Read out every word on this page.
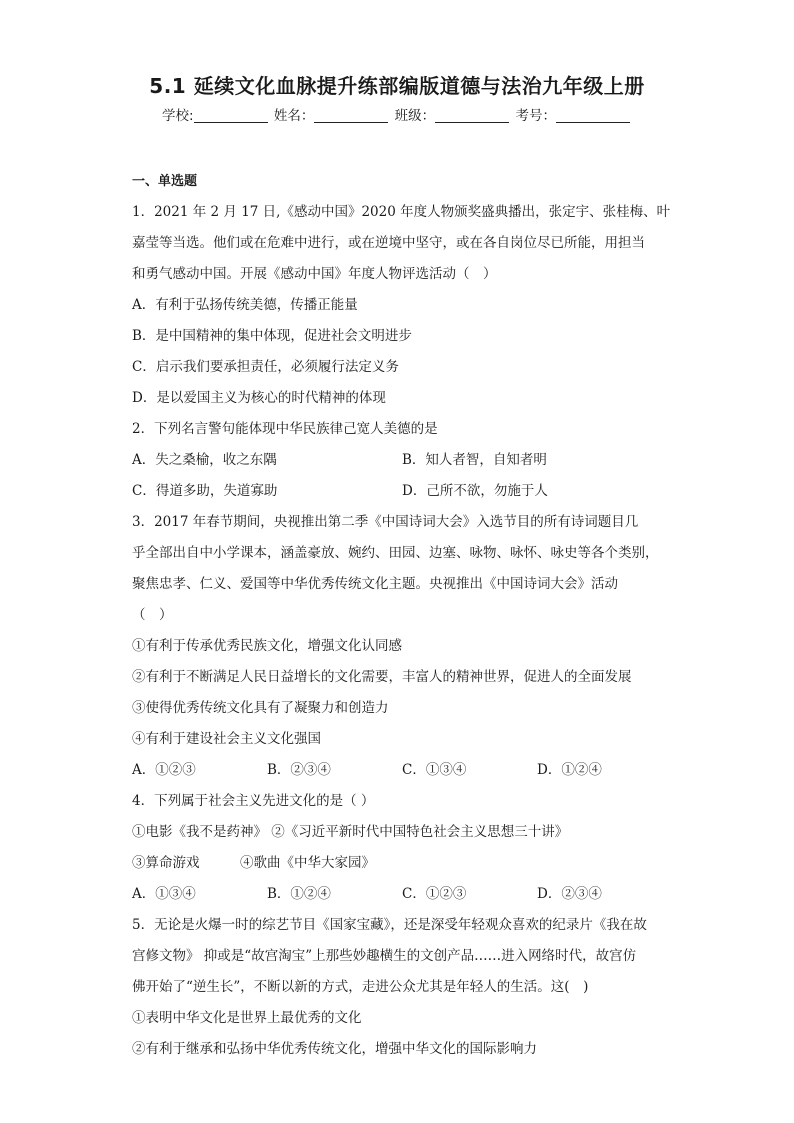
5.1 延续文化血脉提升练部编版道德与法治九年级上册
学校:	姓名：	班级：	考号：
一、单选题
1．2021 年 2 月 17 日,《感动中国》2020 年度人物颁奖盛典播出，张定宇、张桂梅、叶
嘉莹等当选。他们或在危难中进行，或在逆境中坚守，或在各自岗位尽已所能，用担当
和勇气感动中国。开展《感动中国》年度人物评选活动（　）
A．有利于弘扬传统美德，传播正能量
B．是中国精神的集中体现，促进社会文明进步
C．启示我们要承担责任，必须履行法定义务
D．是以爱国主义为核心的时代精神的体现
2．下列名言警句能体现中华民族律己宽人美德的是
A．失之桑榆，收之东隅	B．知人者智，自知者明
C．得道多助，失道寡助	D．己所不欲，勿施于人
3．2017 年春节期间，央视推出第二季《中国诗词大会》入选节目的所有诗词题目几
乎全部出自中小学课本，涵盖豪放、婉约、田园、边塞、咏物、咏怀、咏史等各个类别，
聚焦忠孝、仁义、爱国等中华优秀传统文化主题。央视推出《中国诗词大会》活动
（　）
①有利于传承优秀民族文化，增强文化认同感
②有利于不断满足人民日益增长的文化需要，丰富人的精神世界，促进人的全面发展
③使得优秀传统文化具有了凝聚力和创造力
④有利于建设社会主义文化强国
A．①②③	B．②③④	C．①③④	D．①②④
4．下列属于社会主义先进文化的是（ ）
①电影《我不是药神》 ②《习近平新时代中国特色社会主义思想三十讲》
③算命游戏　　　④歌曲《中华大家园》
A．①③④	B．①②④	C．①②③	D．②③④
5．无论是火爆一时的综艺节目《国家宝藏》，还是深受年轻观众喜欢的纪录片《我在故
宫修文物》 抑或是“故宫淘宝”上那些妙趣横生的文创产品……进入网络时代，故宫仿
佛开始了“逆生长”，不断以新的方式，走进公众尤其是年轻人的生活。这(　)
①表明中华文化是世界上最优秀的文化
②有利于继承和弘扬中华优秀传统文化，增强中华文化的国际影响力
